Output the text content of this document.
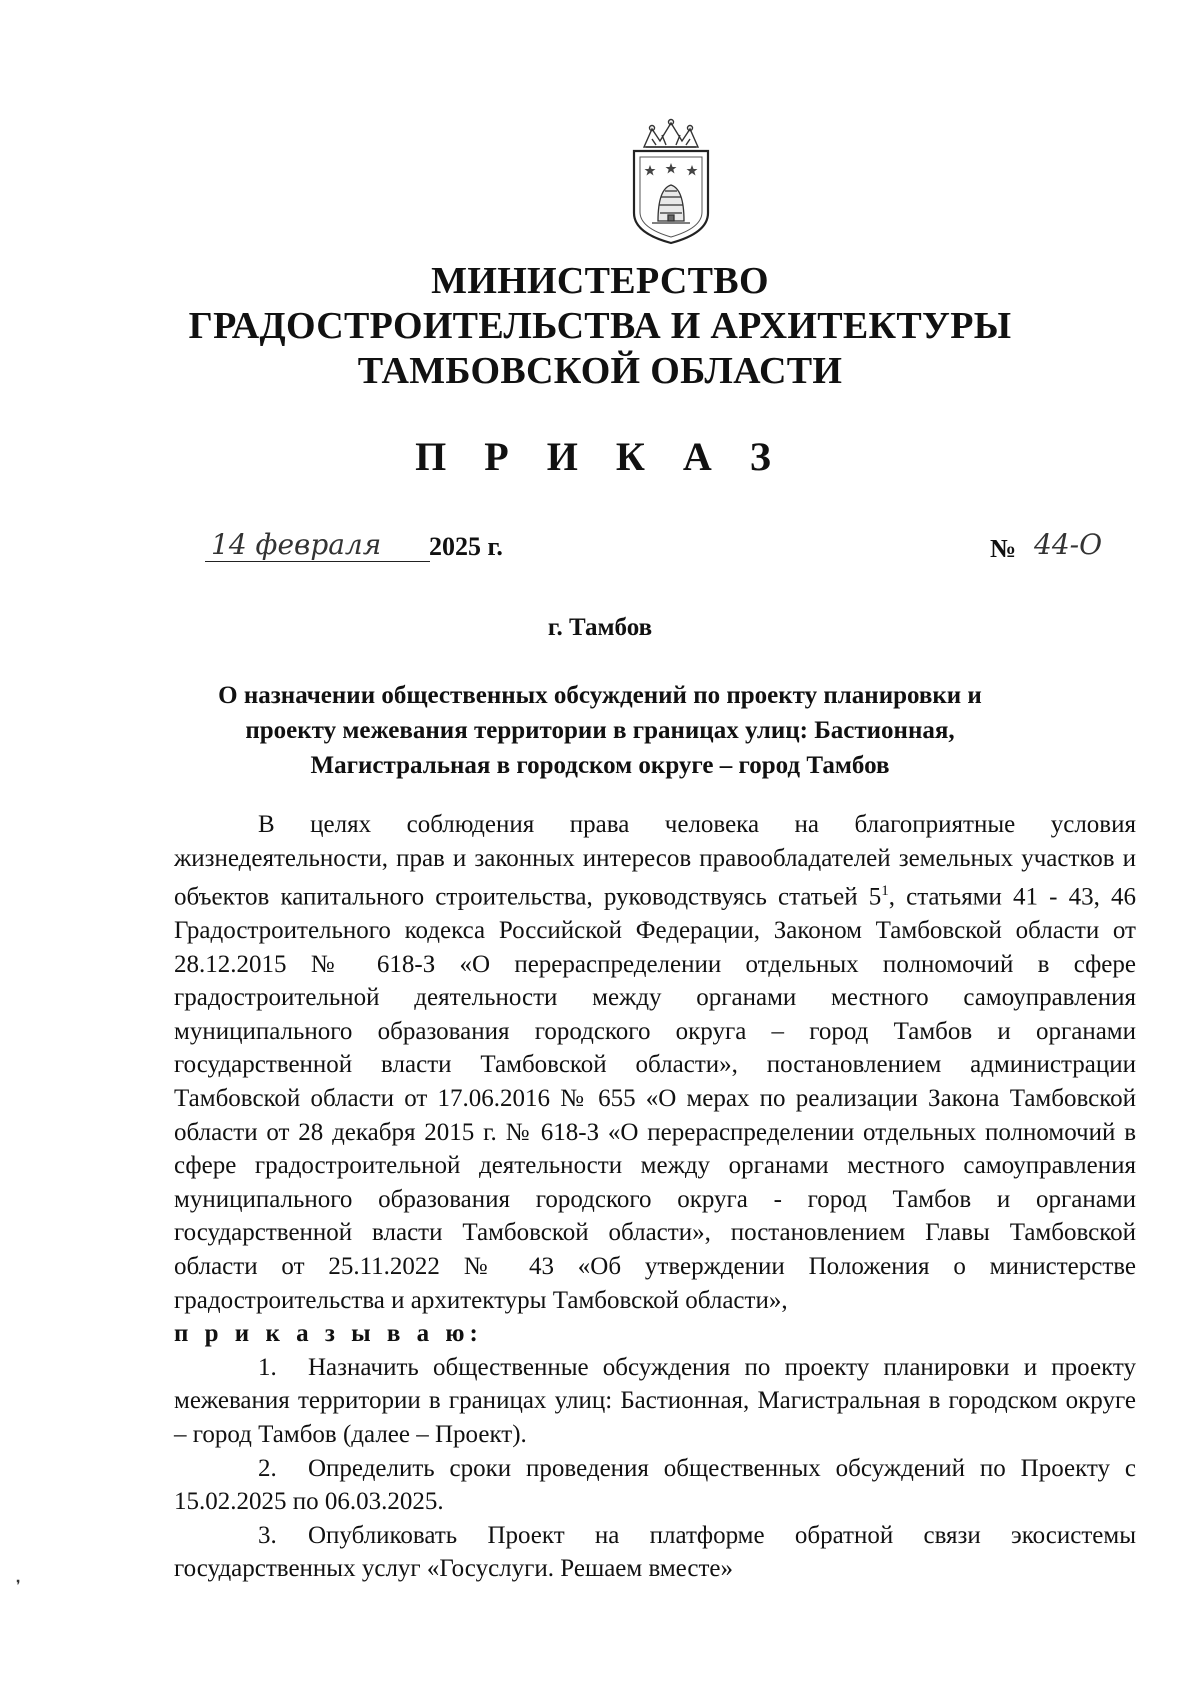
МИНИСТЕРСТВО
ГРАДОСТРОИТЕЛЬСТВА И АРХИТЕКТУРЫ
ТАМБОВСКОЙ ОБЛАСТИ
П Р И К А З
14 февраля	2025 г.	№ 44-О
г. Тамбов
О назначении общественных обсуждений по проекту планировки и проекту межевания территории в границах улиц: Бастионная, Магистральная в городском округе – город Тамбов

В целях соблюдения права человека на благоприятные условия жизнедеятельности, прав и законных интересов правообладателей земельных участков и объектов капитального строительства, руководствуясь статьей $5^1$, статьями 41 - 43, 46 Градостроительного кодекса Российской Федерации, Законом Тамбовской области от 28.12.2015 № 618-З «О перераспределении отдельных полномочий в сфере градостроительной деятельности между органами местного самоуправления муниципального образования городского округа – город Тамбов и органами государственной власти Тамбовской области», постановлением администрации Тамбовской области от 17.06.2016 № 655 «О мерах по реализации Закона Тамбовской области от 28 декабря 2015 г. № 618-З «О перераспределении отдельных полномочий в сфере градостроительной деятельности между органами местного самоуправления муниципального образования городского округа - город Тамбов и органами государственной власти Тамбовской области», постановлением Главы Тамбовской области от 25.11.2022 № 43 «Об утверждении Положения о министерстве градостроительства и архитектуры Тамбовской области»,

п р и к а з ы в а ю:

1. Назначить общественные обсуждения по проекту планировки и проекту межевания территории в границах улиц: Бастионная, Магистральная в городском округе – город Тамбов (далее – Проект).

2. Определить сроки проведения общественных обсуждений по Проекту с 15.02.2025 по 06.03.2025.

3. Опубликовать Проект на платформе обратной связи экосистемы государственных услуг «Госуслуги. Решаем вместе»

❜
